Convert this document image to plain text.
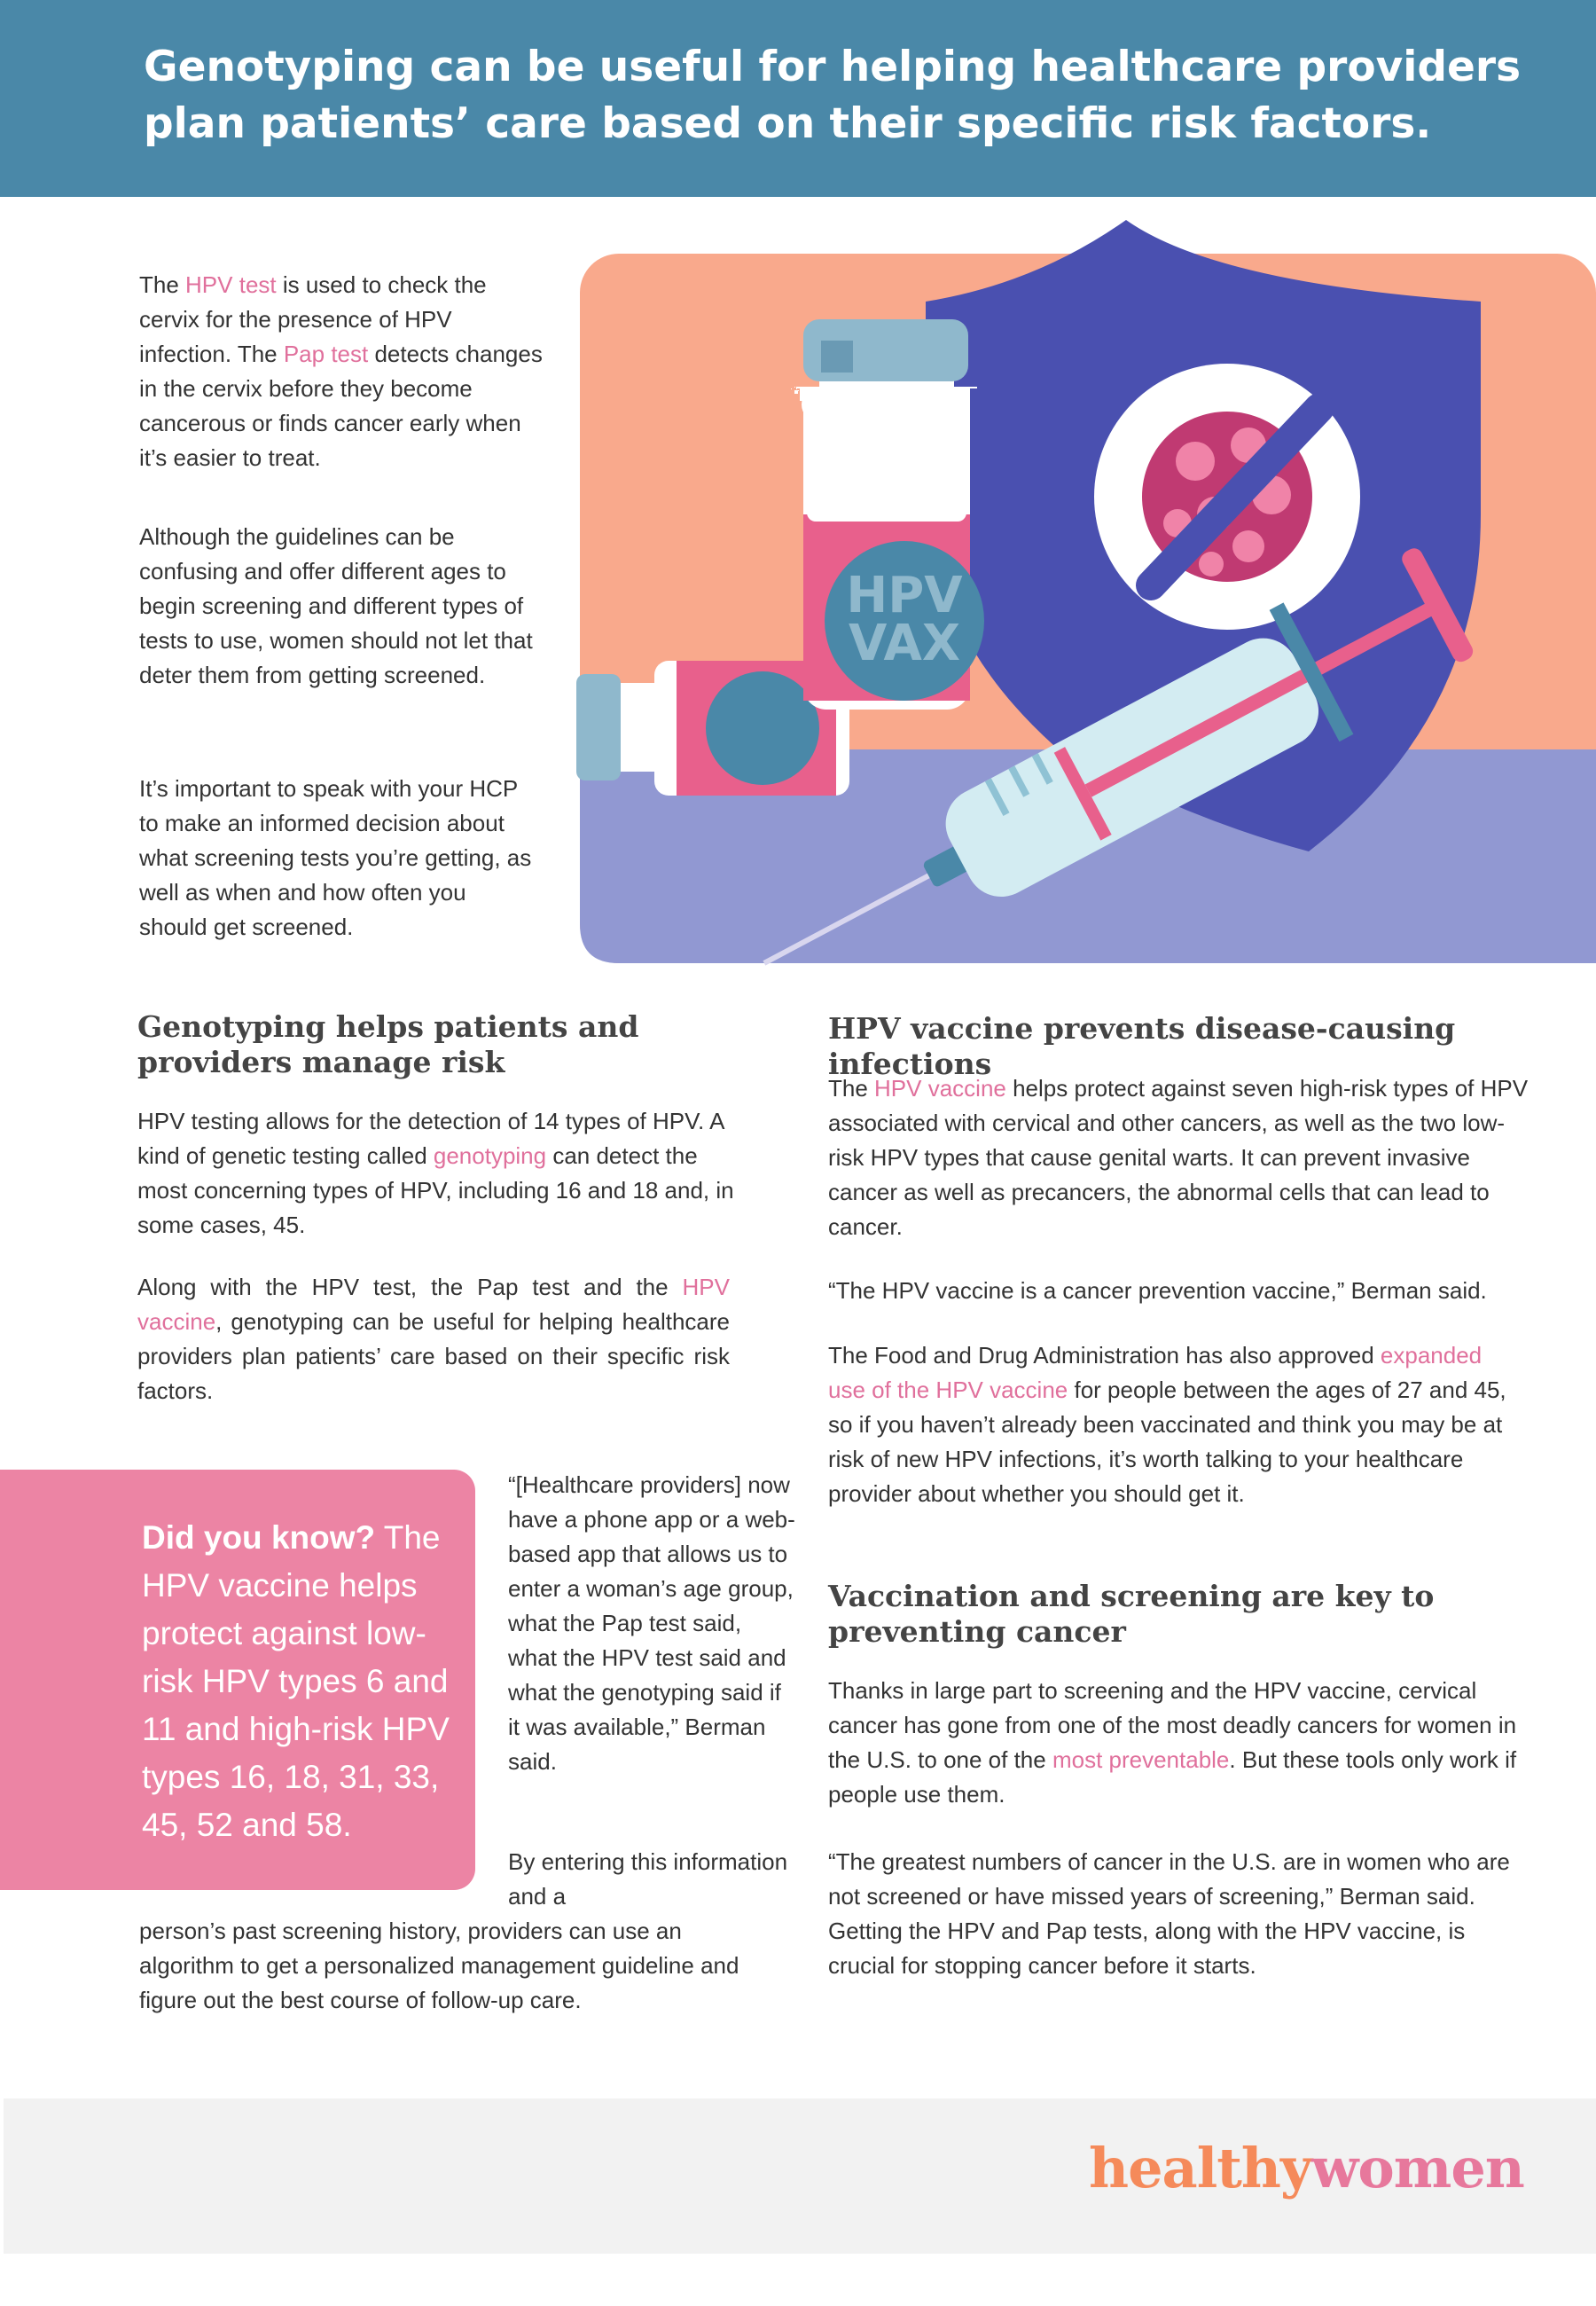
Genotyping can be useful for helping healthcare providers plan patients’ care based on their specific risk factors.

The HPV test is used to check the cervix for the presence of HPV infection. The Pap test detects changes in the cervix before they become cancerous or finds cancer early when it’s easier to treat.

Although the guidelines can be confusing and offer different ages to begin screening and different types of tests to use, women should not let that deter them from getting screened.

It’s important to speak with your HCP to make an informed decision about what screening tests you’re getting, as well as when and how often you should get screened.

HPV
VAX
Genotyping helps patients and providers manage risk

HPV testing allows for the detection of 14 types of HPV. A kind of genetic testing called genotyping can detect the most concerning types of HPV, including 16 and 18 and, in some cases, 45.

Along with the HPV test, the Pap test and the HPV vaccine, genotyping can be useful for helping healthcare providers plan patients’ care based on their specific risk factors.

Did you know? The HPV vaccine helps protect against low-risk HPV types 6 and 11 and high-risk HPV types 16, 18, 31, 33, 45, 52 and 58.

“[Healthcare providers] now have a phone app or a web-based app that allows us to enter a woman’s age group, what the Pap test said, what the HPV test said and what the genotyping said if it was available,” Berman said.

By entering this information and a

person’s past screening history, providers can use an algorithm to get a personalized management guideline and figure out the best course of follow-up care.

HPV vaccine prevents disease-causing infections

The HPV vaccine helps protect against seven high-risk types of HPV associated with cervical and other cancers, as well as the two low-risk HPV types that cause genital warts. It can prevent invasive cancer as well as precancers, the abnormal cells that can lead to cancer.

“The HPV vaccine is a cancer prevention vaccine,” Berman said.

The Food and Drug Administration has also approved expanded use of the HPV vaccine for people between the ages of 27 and 45, so if you haven’t already been vaccinated and think you may be at risk of new HPV infections, it’s worth talking to your healthcare provider about whether you should get it.

Vaccination and screening are key to preventing cancer

Thanks in large part to screening and the HPV vaccine, cervical cancer has gone from one of the most deadly cancers for women in the U.S. to one of the most preventable. But these tools only work if people use them.

“The greatest numbers of cancer in the U.S. are in women who are not screened or have missed years of screening,” Berman said. Getting the HPV and Pap tests, along with the HPV vaccine, is crucial for stopping cancer before it starts.

healthywomen
